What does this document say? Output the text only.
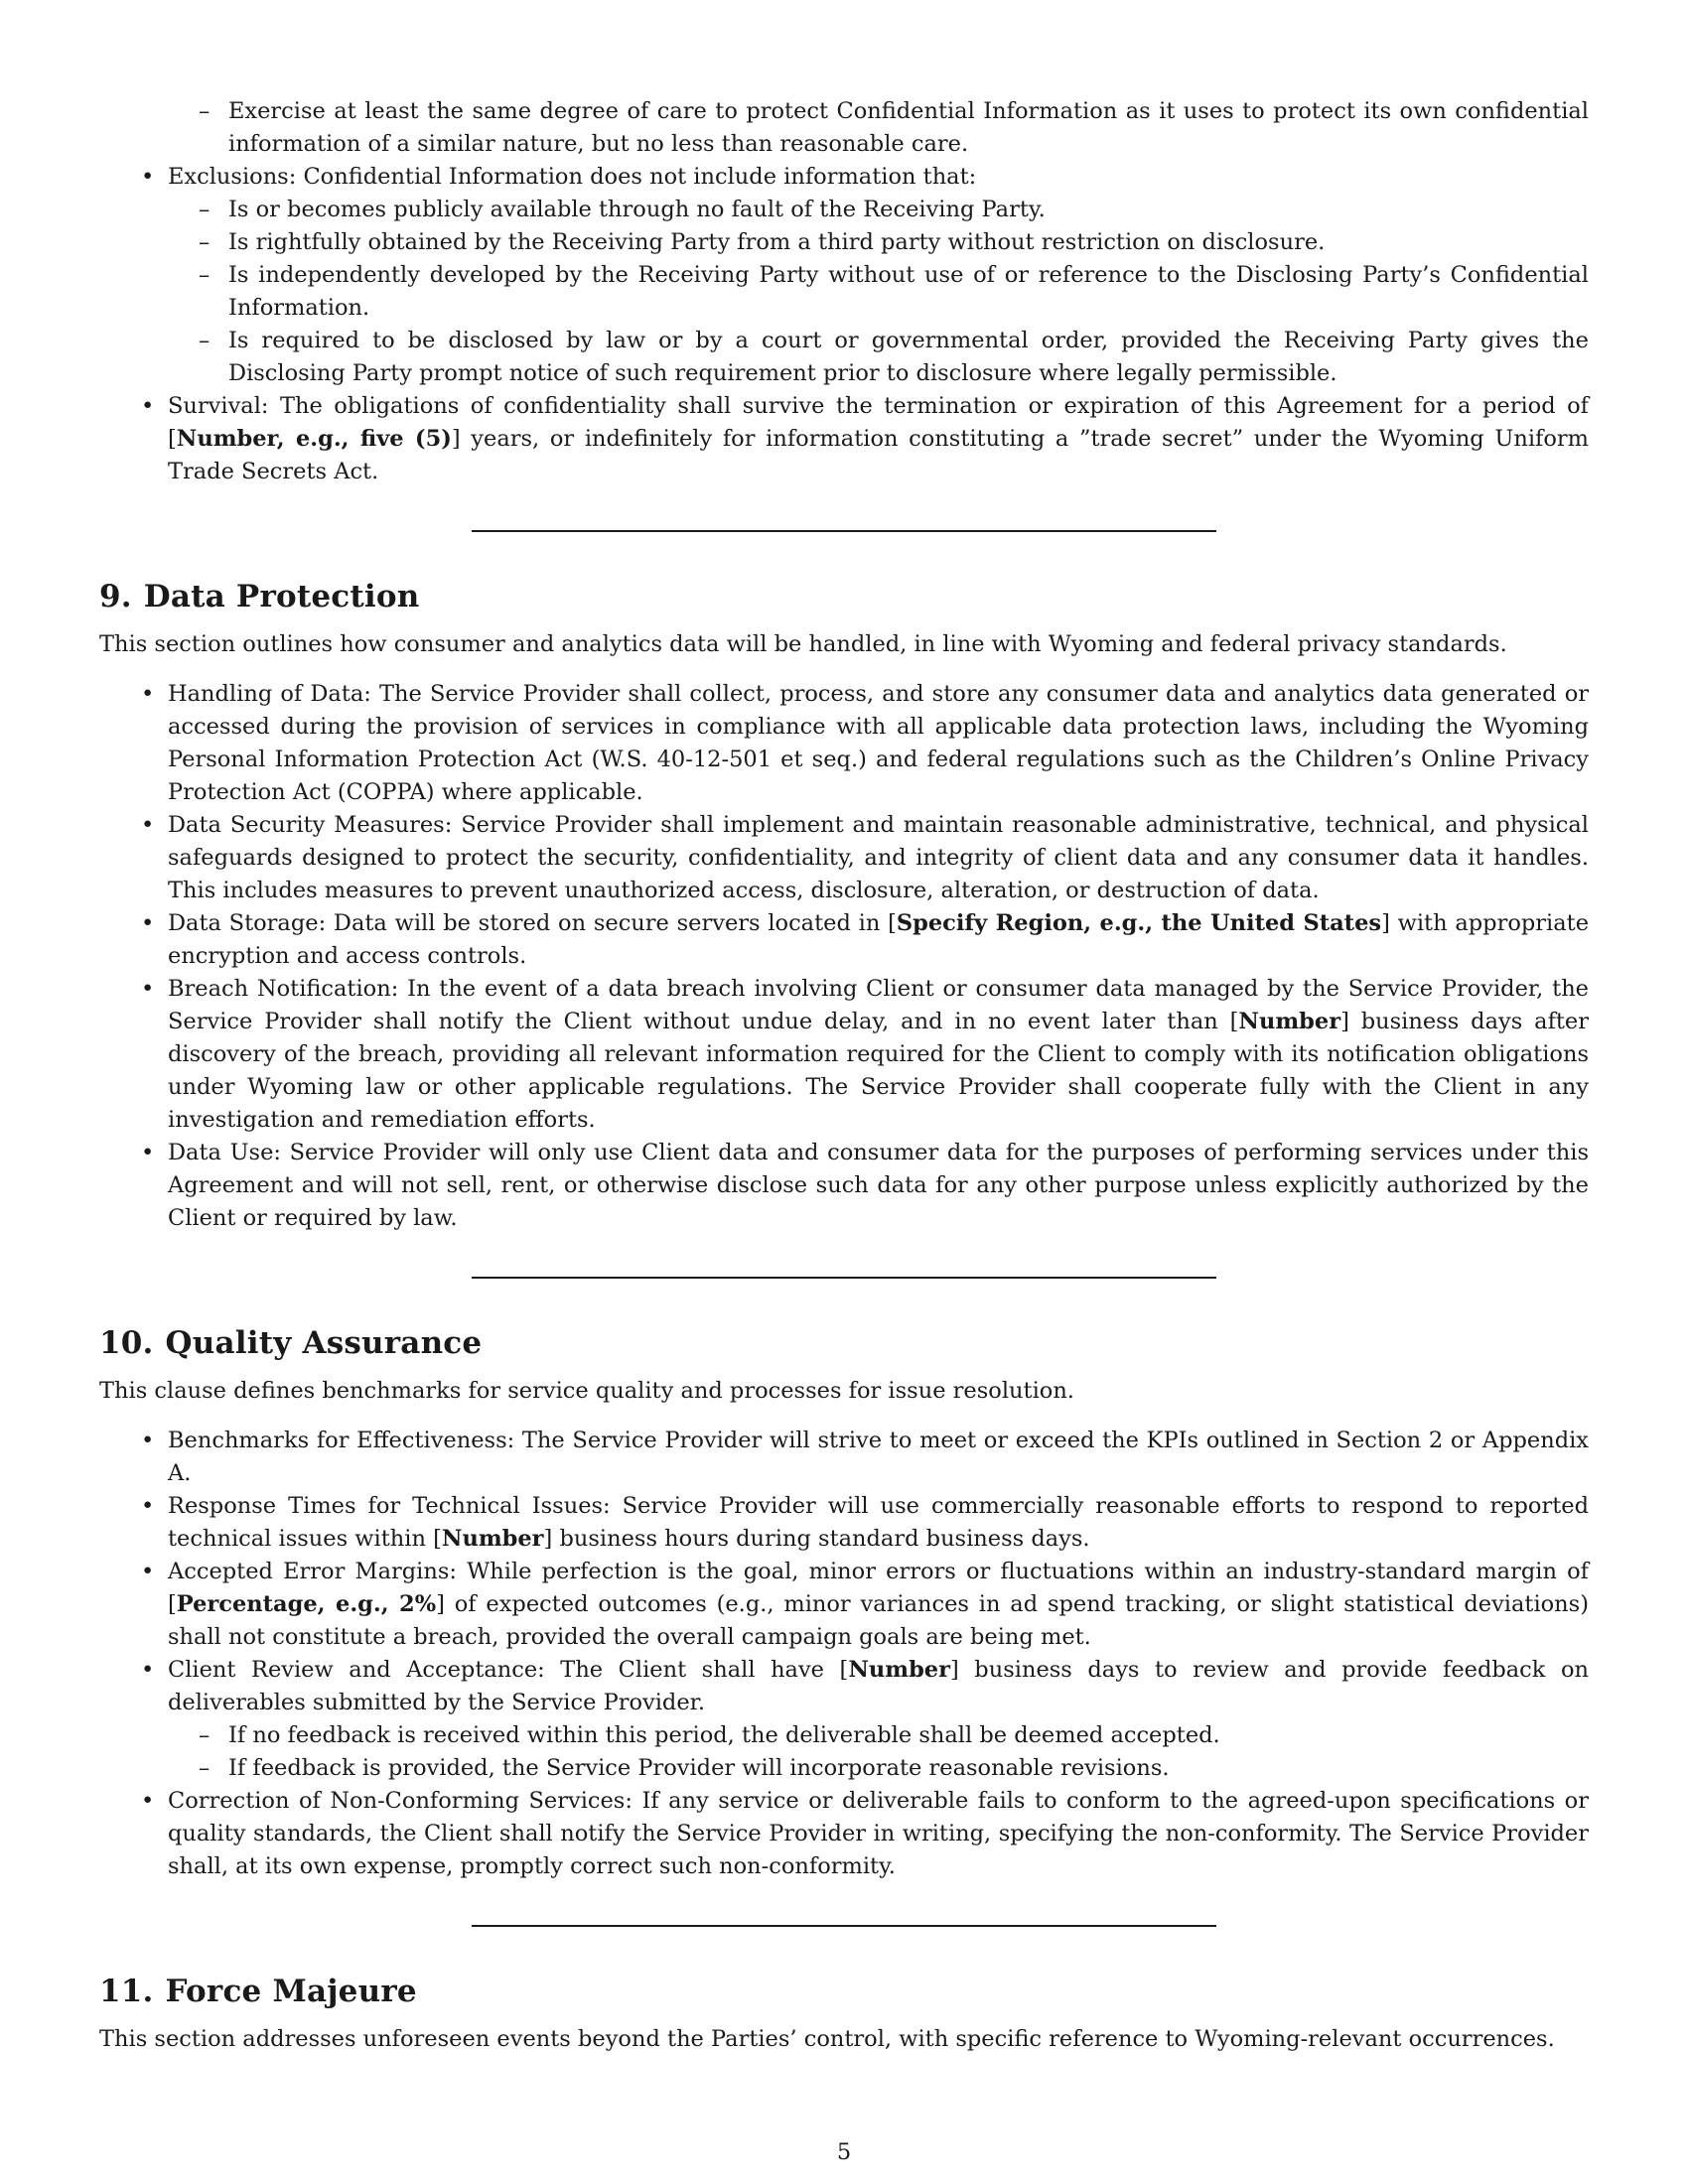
– Exercise at least the same degree of care to protect Confidential Information as it uses to protect its own confidential information of a similar nature, but no less than reasonable care.
• Exclusions: Confidential Information does not include information that:
– Is or becomes publicly available through no fault of the Receiving Party.
– Is rightfully obtained by the Receiving Party from a third party without restriction on disclosure.
– Is independently developed by the Receiving Party without use of or reference to the Disclosing Party’s Confidential Information.
– Is required to be disclosed by law or by a court or governmental order, provided the Receiving Party gives the Disclosing Party prompt notice of such requirement prior to disclosure where legally permissible.
• Survival: The obligations of confidentiality shall survive the termination or expiration of this Agreement for a period of [Number, e.g., five (5)] years, or indefinitely for information constituting a ”trade secret” under the Wyoming Uniform Trade Secrets Act.
9. Data Protection

This section outlines how consumer and analytics data will be handled, in line with Wyoming and federal privacy standards.

• Handling of Data: The Service Provider shall collect, process, and store any consumer data and analytics data generated or accessed during the provision of services in compliance with all applicable data protection laws, including the Wyoming Personal Information Protection Act (W.S. 40-12-501 et seq.) and federal regulations such as the Children’s Online Privacy Protection Act (COPPA) where applicable.
• Data Security Measures: Service Provider shall implement and maintain reasonable administrative, technical, and physical safeguards designed to protect the security, confidentiality, and integrity of client data and any consumer data it handles. This includes measures to prevent unauthorized access, disclosure, alteration, or destruction of data.
• Data Storage: Data will be stored on secure servers located in [Specify Region, e.g., the United States] with appropriate encryption and access controls.
• Breach Notification: In the event of a data breach involving Client or consumer data managed by the Service Provider, the Service Provider shall notify the Client without undue delay, and in no event later than [Number] business days after discovery of the breach, providing all relevant information required for the Client to comply with its notification obligations under Wyoming law or other applicable regulations. The Service Provider shall cooperate fully with the Client in any investigation and remediation efforts.
• Data Use: Service Provider will only use Client data and consumer data for the purposes of performing services under this Agreement and will not sell, rent, or otherwise disclose such data for any other purpose unless explicitly authorized by the Client or required by law.
10. Quality Assurance

This clause defines benchmarks for service quality and processes for issue resolution.

• Benchmarks for Effectiveness: The Service Provider will strive to meet or exceed the KPIs outlined in Section 2 or Appendix A.
• Response Times for Technical Issues: Service Provider will use commercially reasonable efforts to respond to reported technical issues within [Number] business hours during standard business days.
• Accepted Error Margins: While perfection is the goal, minor errors or fluctuations within an industry-standard margin of [Percentage, e.g., 2%] of expected outcomes (e.g., minor variances in ad spend tracking, or slight statistical deviations) shall not constitute a breach, provided the overall campaign goals are being met.
• Client Review and Acceptance: The Client shall have [Number] business days to review and provide feedback on deliverables submitted by the Service Provider.
– If no feedback is received within this period, the deliverable shall be deemed accepted.
– If feedback is provided, the Service Provider will incorporate reasonable revisions.
• Correction of Non-Conforming Services: If any service or deliverable fails to conform to the agreed-upon specifications or quality standards, the Client shall notify the Service Provider in writing, specifying the non-conformity. The Service Provider shall, at its own expense, promptly correct such non-conformity.
11. Force Majeure

This section addresses unforeseen events beyond the Parties’ control, with specific reference to Wyoming-relevant occurrences.

5
